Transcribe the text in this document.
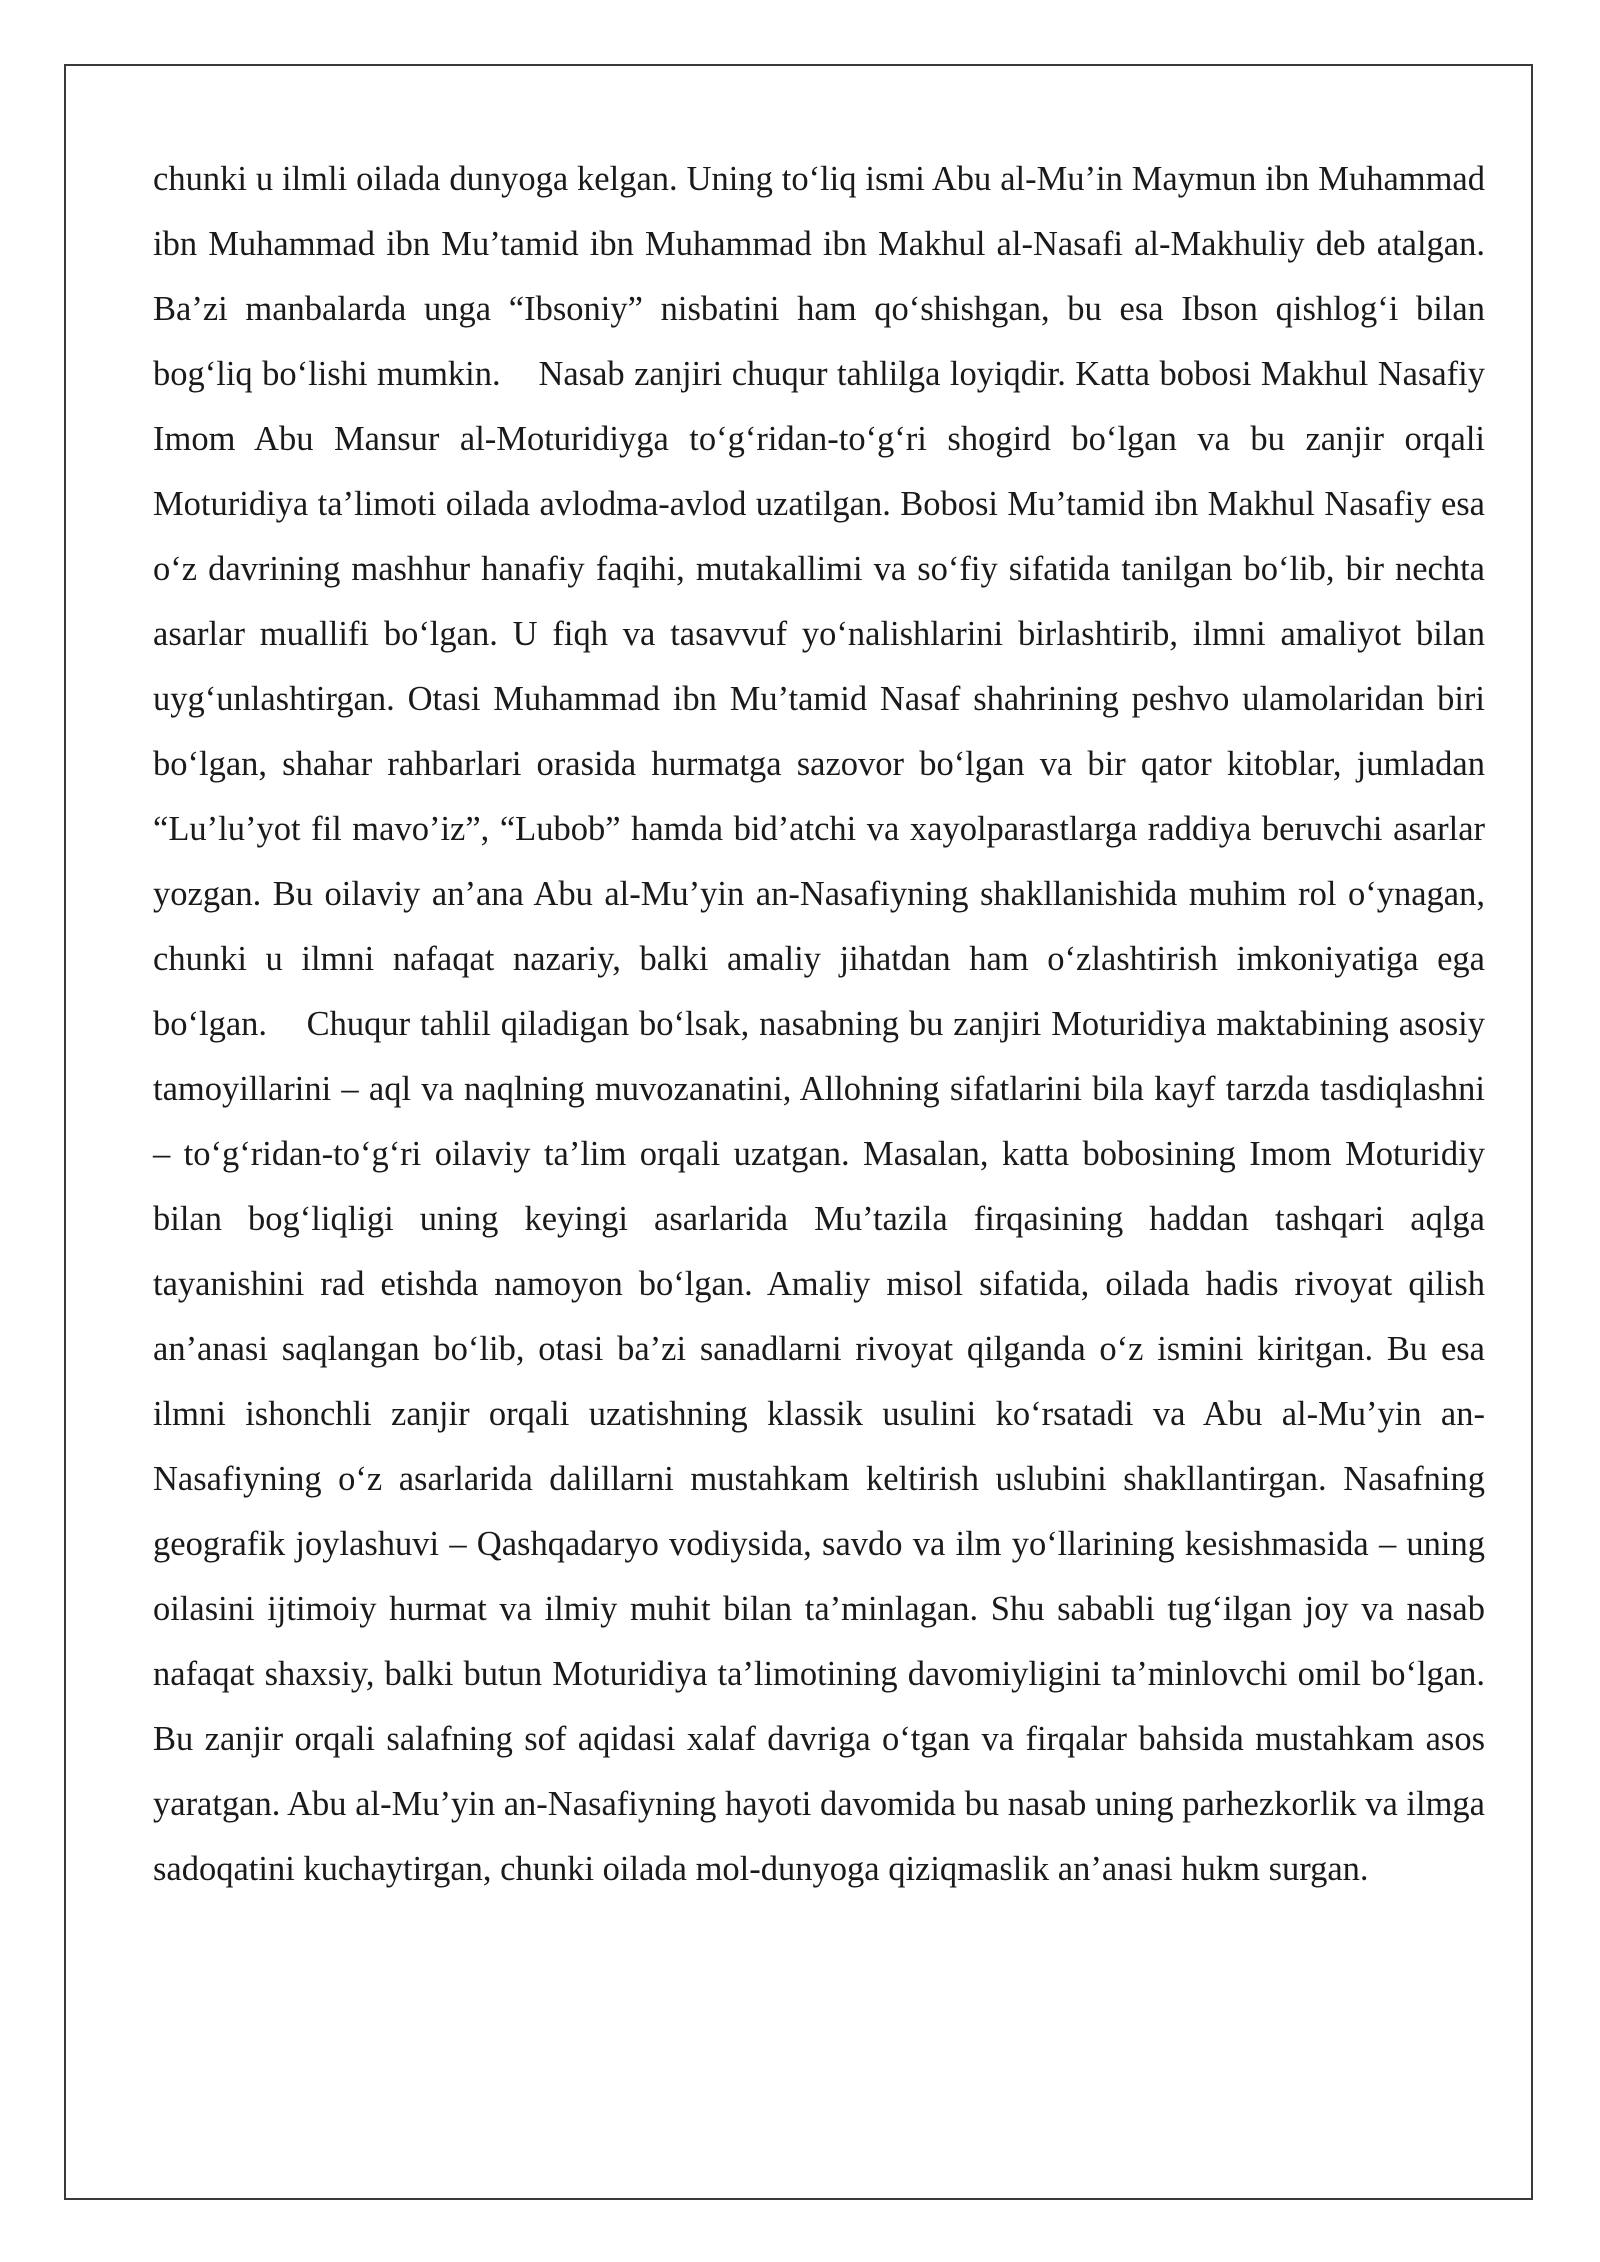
chunki u ilmli oilada dunyoga kelgan. Uning to‘liq ismi Abu al-Mu’in Maymun ibn Muhammad ibn Muhammad ibn Mu’tamid ibn Muhammad ibn Makhul al-Nasafi al-Makhuliy deb atalgan. Ba’zi manbalarda unga “Ibsoniy” nisbatini ham qo‘shishgan, bu esa Ibson qishlog‘i bilan bog‘liq bo‘lishi mumkin.    Nasab zanjiri chuqur tahlilga loyiqdir. Katta bobosi Makhul Nasafiy Imom Abu Mansur al-Moturidiyga to‘g‘ridan-to‘g‘ri shogird bo‘lgan va bu zanjir orqali Moturidiya ta’limoti oilada avlodma-avlod uzatilgan. Bobosi Mu’tamid ibn Makhul Nasafiy esa o‘z davrining mashhur hanafiy faqihi, mutakallimi va so‘fiy sifatida tanilgan bo‘lib, bir nechta asarlar muallifi bo‘lgan. U fiqh va tasavvuf yo‘nalishlarini birlashtirib, ilmni amaliyot bilan uyg‘unlashtirgan. Otasi Muhammad ibn Mu’tamid Nasaf shahrining peshvo ulamolaridan biri bo‘lgan, shahar rahbarlari orasida hurmatga sazovor bo‘lgan va bir qator kitoblar, jumladan “Lu’lu’yot fil mavo’iz”, “Lubob” hamda bid’atchi va xayolparastlarga raddiya beruvchi asarlar yozgan. Bu oilaviy an’ana Abu al-Mu’yin an-Nasafiyning shakllanishida muhim rol o‘ynagan, chunki u ilmni nafaqat nazariy, balki amaliy jihatdan ham o‘zlashtirish imkoniyatiga ega bo‘lgan.    Chuqur tahlil qiladigan bo‘lsak, nasabning bu zanjiri Moturidiya maktabining asosiy tamoyillarini – aql va naqlning muvozanatini, Allohning sifatlarini bila kayf tarzda tasdiqlashni – to‘g‘ridan-to‘g‘ri oilaviy ta’lim orqali uzatgan. Masalan, katta bobosining Imom Moturidiy bilan bog‘liqligi uning keyingi asarlarida Mu’tazila firqasining haddan tashqari aqlga tayanishini rad etishda namoyon bo‘lgan. Amaliy misol sifatida, oilada hadis rivoyat qilish an’anasi saqlangan bo‘lib, otasi ba’zi sanadlarni rivoyat qilganda o‘z ismini kiritgan. Bu esa ilmni ishonchli zanjir orqali uzatishning klassik usulini ko‘rsatadi va Abu al-Mu’yin an-Nasafiyning o‘z asarlarida dalillarni mustahkam keltirish uslubini shakllantirgan. Nasafning geografik joylashuvi – Qashqadaryo vodiysida, savdo va ilm yo‘llarining kesishmasida – uning oilasini ijtimoiy hurmat va ilmiy muhit bilan ta’minlagan. Shu sababli tug‘ilgan joy va nasab nafaqat shaxsiy, balki butun Moturidiya ta’limotining davomiyligini ta’minlovchi omil bo‘lgan. Bu zanjir orqali salafning sof aqidasi xalaf davriga o‘tgan va firqalar bahsida mustahkam asos yaratgan. Abu al-Mu’yin an-Nasafiyning hayoti davomida bu nasab uning parhezkorlik va ilmga sadoqatini kuchaytirgan, chunki oilada mol-dunyoga qiziqmaslik an’anasi hukm surgan.
